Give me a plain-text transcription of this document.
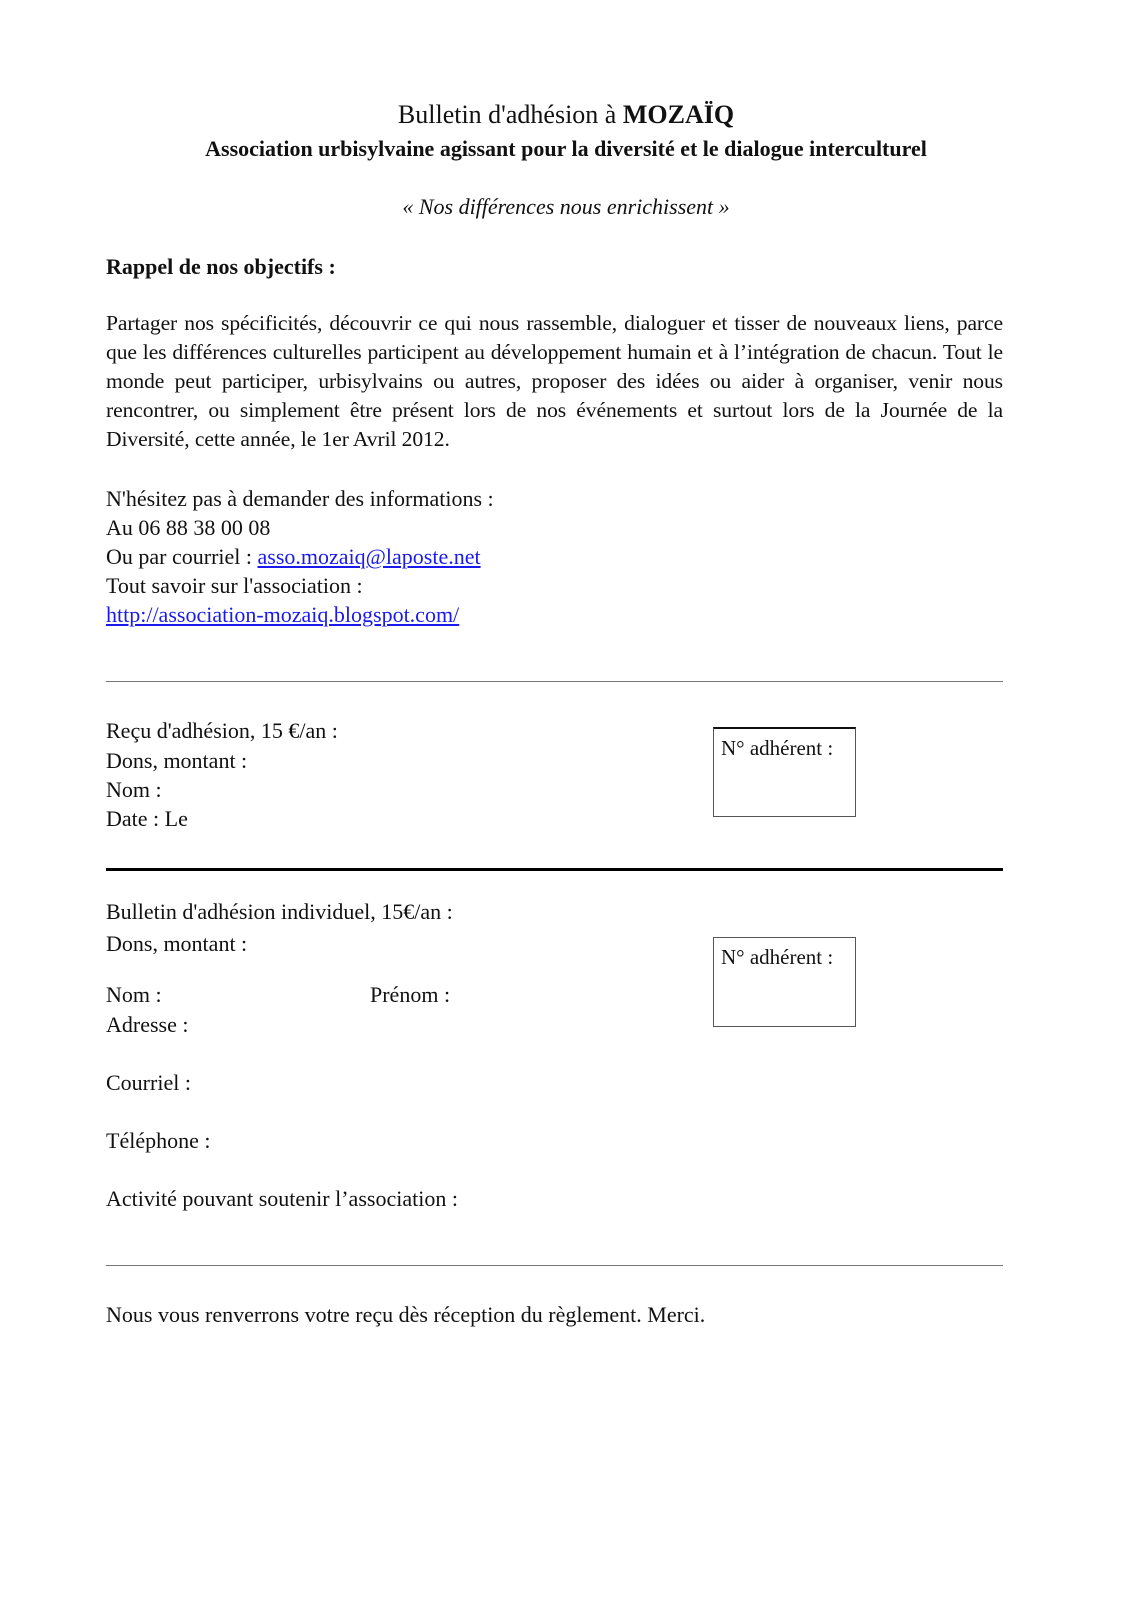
Bulletin d'adhésion à MOZAÏQ
Association urbisylvaine agissant pour la diversité et le dialogue interculturel
« Nos différences nous enrichissent »
Rappel de nos objectifs :
Partager nos spécificités, découvrir ce qui nous rassemble, dialoguer et tisser de nouveaux liens, parce que les différences culturelles participent au développement humain et à l’intégration de chacun. Tout le monde peut participer, urbisylvains ou autres, proposer des idées ou aider à organiser, venir nous rencontrer, ou simplement être présent lors de nos événements et surtout lors de la Journée de la Diversité, cette année, le 1er Avril 2012.
N'hésitez pas à demander des informations :
Au 06 88 38 00 08
Ou par courriel : asso.mozaiq@laposte.net
Tout savoir sur l'association :
http://association-mozaiq.blogspot.com/
Reçu d'adhésion, 15 €/an :
Dons, montant :
Nom :
Date : Le
N° adhérent :
Bulletin d'adhésion individuel, 15€/an :
Dons, montant :
Nom :	Prénom :
Adresse :
Courriel :
Téléphone :
Activité pouvant soutenir l’association :
N° adhérent :
Nous vous renverrons votre reçu dès réception du règlement. Merci.
